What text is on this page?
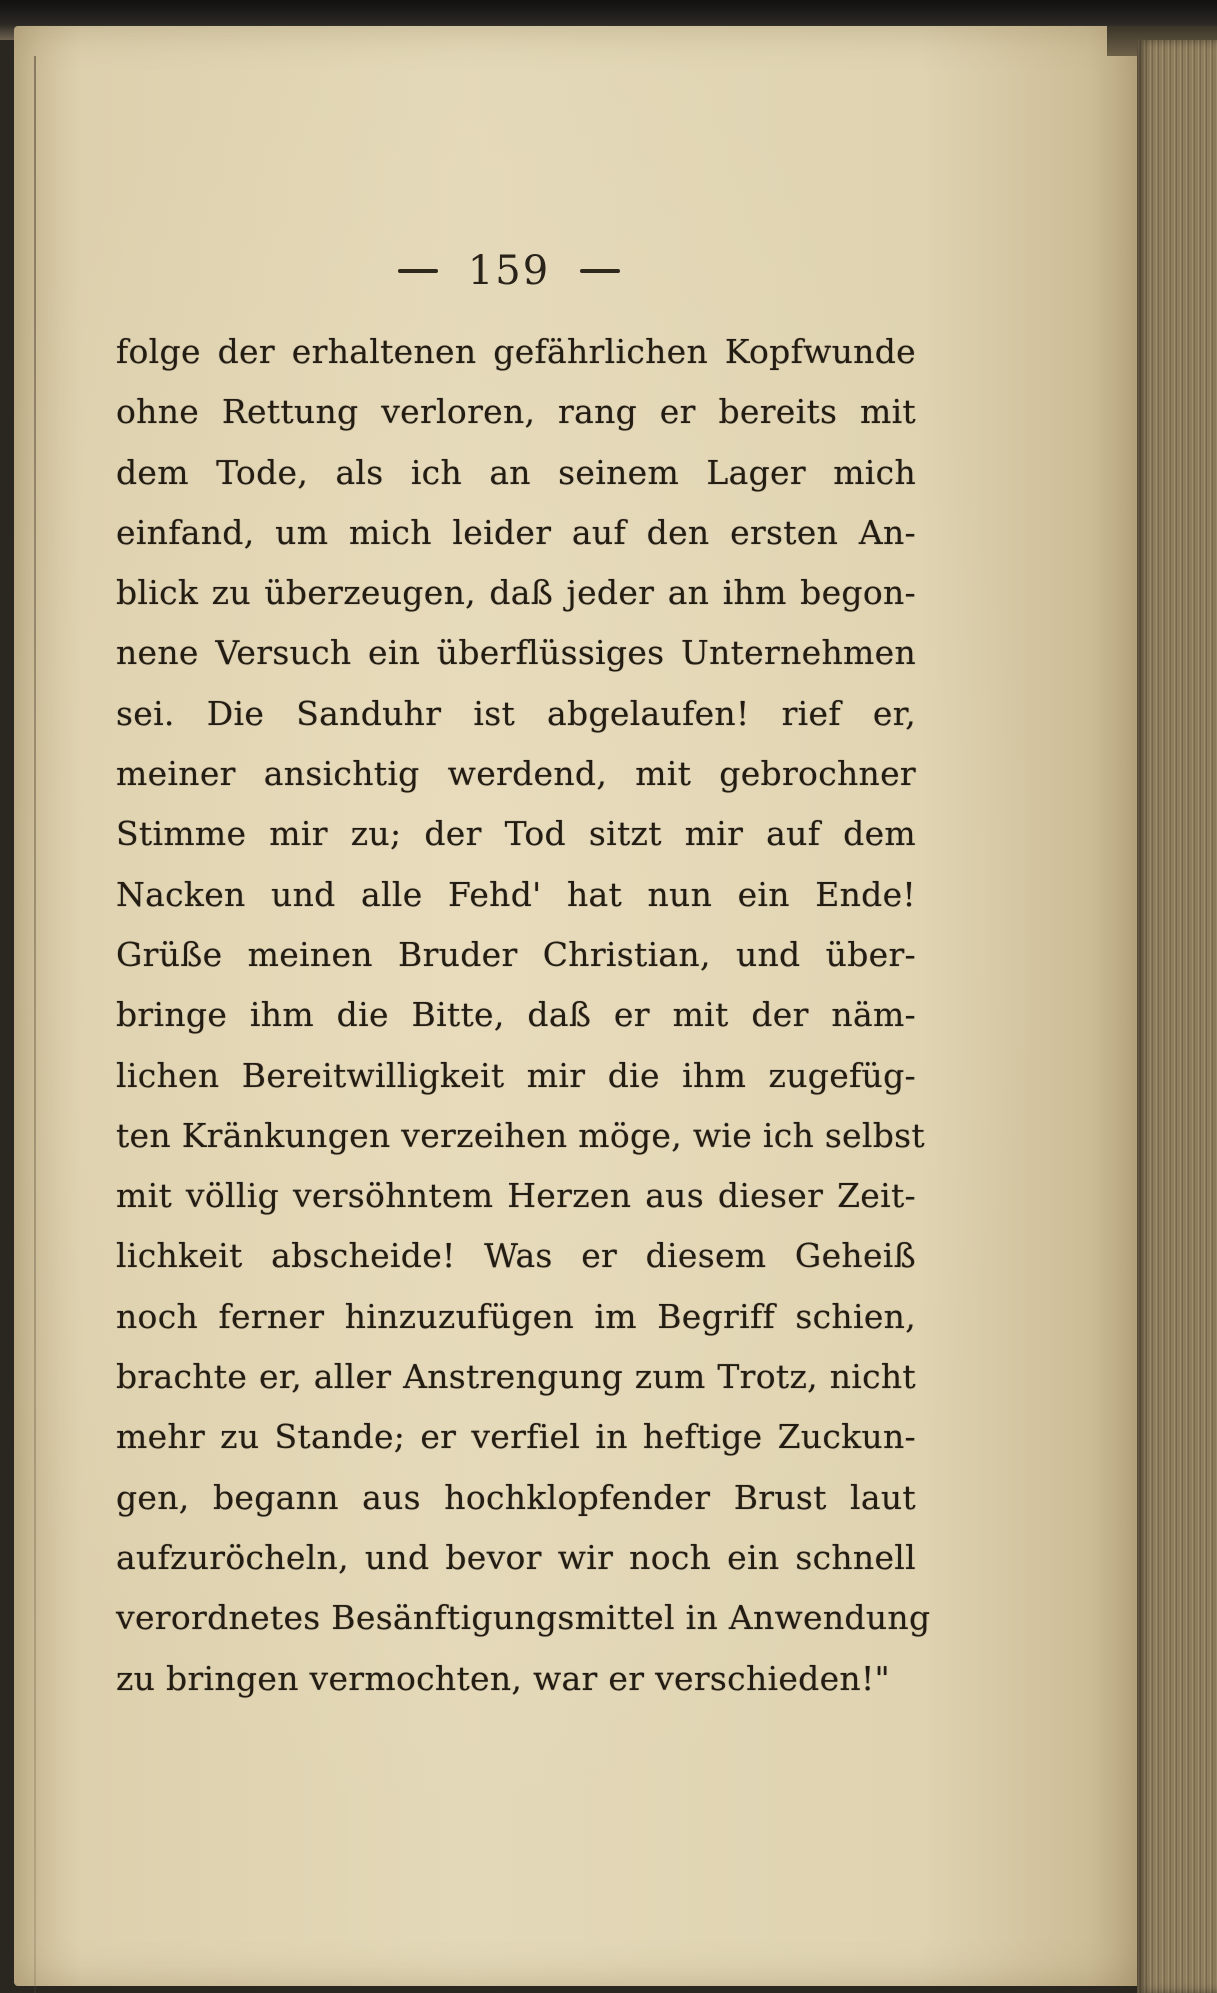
159
folge der erhaltenen gefährlichen Kopfwunde
ohne Rettung verloren, rang er bereits mit
dem Tode, als ich an seinem Lager mich
einfand, um mich leider auf den ersten An-
blick zu überzeugen, daß jeder an ihm begon-
nene Versuch ein überflüssiges Unternehmen
sei. Die Sanduhr ist abgelaufen! rief er,
meiner ansichtig werdend, mit gebrochner
Stimme mir zu; der Tod sitzt mir auf dem
Nacken und alle Fehd' hat nun ein Ende!
Grüße meinen Bruder Christian, und über-
bringe ihm die Bitte, daß er mit der näm-
lichen Bereitwilligkeit mir die ihm zugefüg-
ten Kränkungen verzeihen möge, wie ich selbst
mit völlig versöhntem Herzen aus dieser Zeit-
lichkeit abscheide! Was er diesem Geheiß
noch ferner hinzuzufügen im Begriff schien,
brachte er, aller Anstrengung zum Trotz, nicht
mehr zu Stande; er verfiel in heftige Zuckun-
gen, begann aus hochklopfender Brust laut
aufzuröcheln, und bevor wir noch ein schnell
verordnetes Besänftigungsmittel in Anwendung
zu bringen vermochten, war er verschieden!"
